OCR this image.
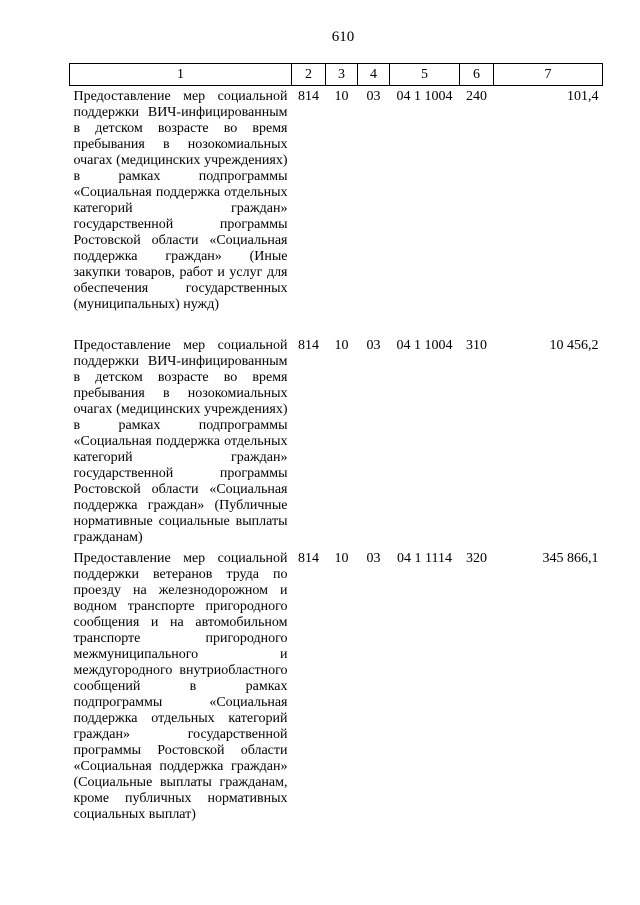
610
1	2	3	4	5	6	7
Предоставление мер социальной поддержки ВИЧ-инфицированным в детском возрасте во время пребывания в нозокомиальных очагах (медицинских учреждениях) в рамках подпрограммы «Социальная поддержка отдельных категорий граждан» государственной программы Ростовской области «Социальная поддержка граждан» (Иные закупки товаров, работ и услуг для обеспечения государственных (муниципальных) нужд)	814	10	03	04 1 1004	240	101,4
Предоставление мер социальной поддержки ВИЧ-инфицированным в детском возрасте во время пребывания в нозокомиальных очагах (медицинских учреждениях) в рамках подпрограммы «Социальная поддержка отдельных категорий граждан» государственной программы Ростовской области «Социальная поддержка граждан» (Публичные нормативные социальные выплаты гражданам)	814	10	03	04 1 1004	310	10 456,2
Предоставление мер социальной поддержки ветеранов труда по проезду на железнодорожном и водном транспорте пригородного сообщения и на автомобильном транспорте пригородного межмуниципального и междугородного внутриобластного сообщений в рамках подпрограммы «Социальная поддержка отдельных категорий граждан» государственной программы Ростовской области «Социальная поддержка граждан» (Социальные выплаты гражданам, кроме публичных нормативных социальных выплат)	814	10	03	04 1 1114	320	345 866,1
